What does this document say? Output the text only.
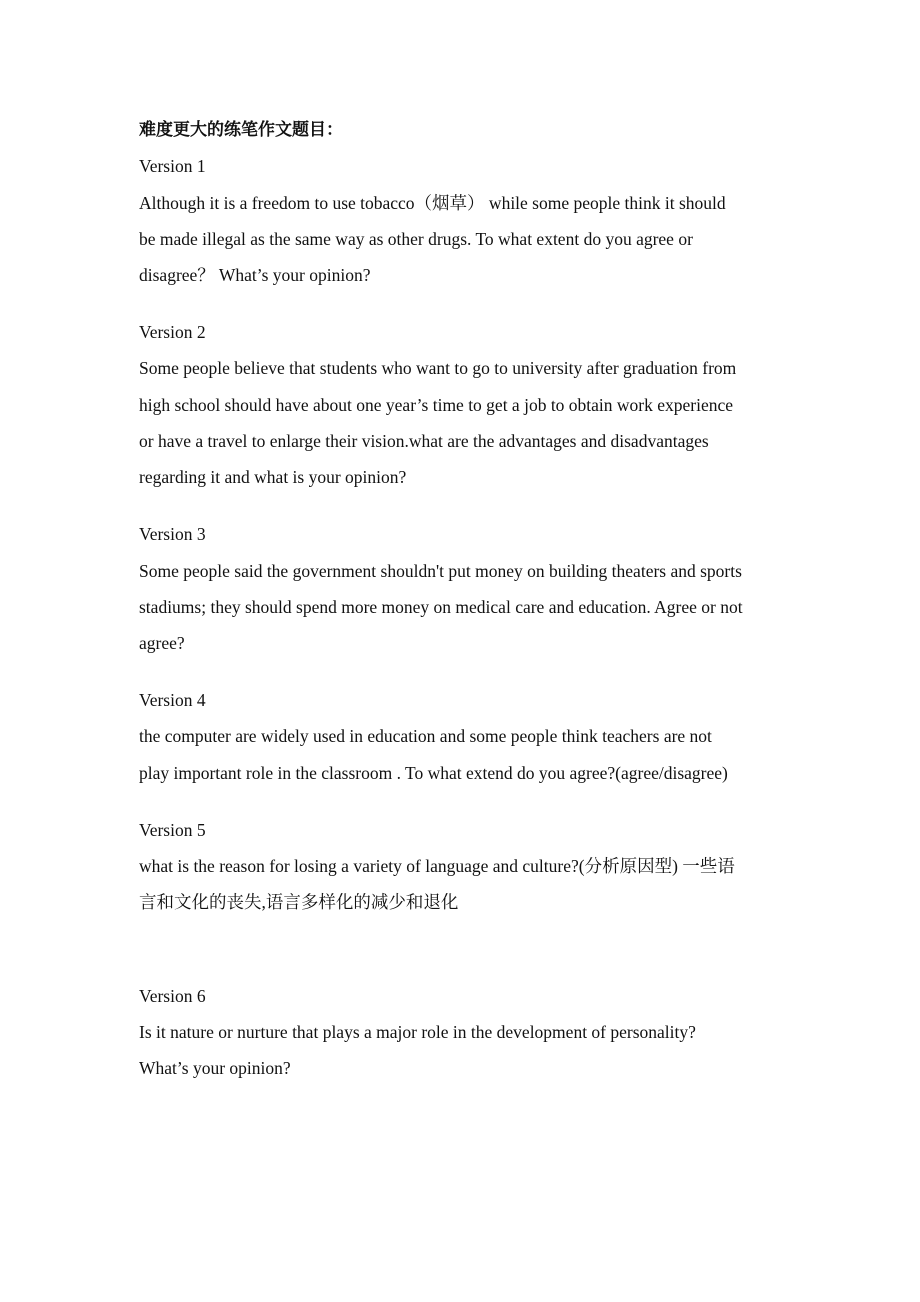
难度更大的练笔作文题目：

Version 1

Although it is a freedom to use tobacco（烟草） while some people think it should

be made illegal as the same way as other drugs. To what extent do you agree or

disagree？ What’s your opinion?

Version 2

Some people believe that students who want to go to university after graduation from

high school should have about one year’s time to get a job to obtain work experience

or have a travel to enlarge their vision.what are the advantages and disadvantages

regarding it and what is your opinion?

Version 3

Some people said the government shouldn't put money on building theaters and sports

stadiums; they should spend more money on medical care and education. Agree or not

agree?

Version 4

the computer are widely used in education and some people think teachers are not

play important role in the classroom . To what extend do you agree?(agree/disagree)

Version 5

what is the reason for losing a variety of language and culture?(分析原因型) 一些语

言和文化的丧失,语言多样化的减少和退化

Version 6

Is it nature or nurture that plays a major role in the development of personality?

What’s your opinion?
